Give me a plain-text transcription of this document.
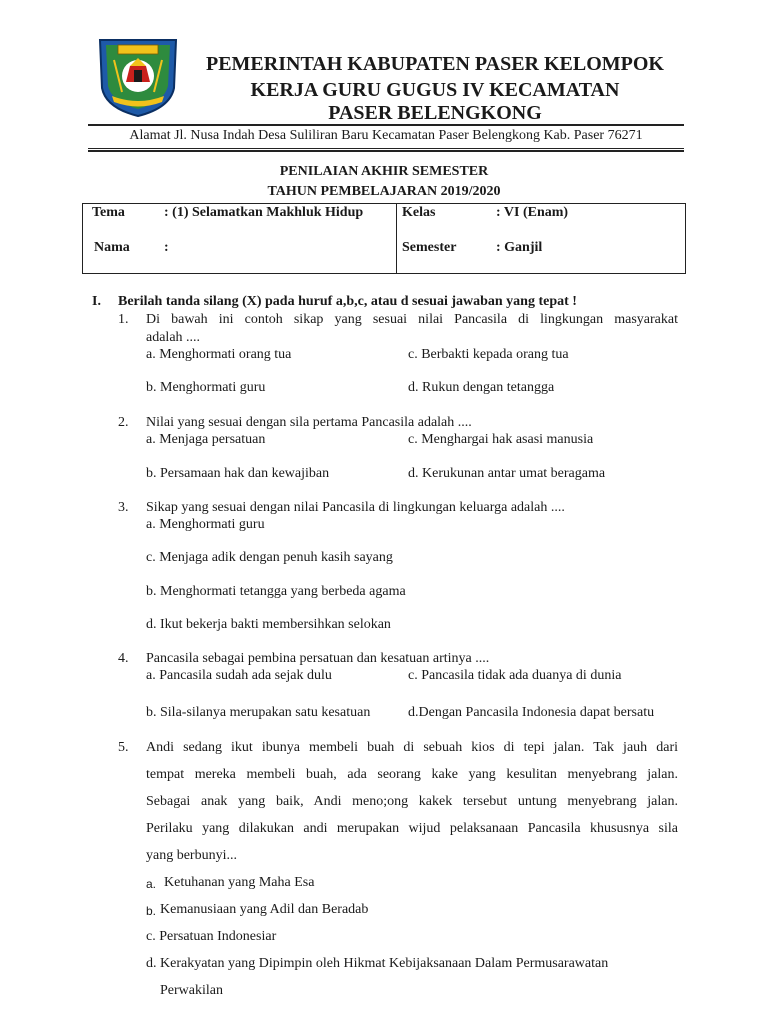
PEMERINTAH KABUPATEN PASER KELOMPOK
KERJA GURU GUGUS IV KECAMATAN
PASER BELENGKONG
Alamat Jl. Nusa Indah Desa Suliliran Baru Kecamatan Paser Belengkong Kab. Paser 76271
PENILAIAN AKHIR SEMESTER
TAHUN PEMBELAJARAN 2019/2020
Tema	: (1) Selamatkan Makhluk Hidup
Nama :
Kelas	: VI (Enam)
Semester	: Ganjil
I. Berilah tanda silang (X) pada huruf a,b,c, atau d sesuai jawaban yang tepat !
1. Di bawah ini contoh sikap yang sesuai nilai Pancasila di lingkungan masyarakat
adalah ....
a. Menghormati orang tua	c. Berbakti kepada orang tua
b. Menghormati guru	d. Rukun dengan tetangga
2. Nilai yang sesuai dengan sila pertama Pancasila adalah ....
a. Menjaga persatuan	c. Menghargai hak asasi manusia
b. Persamaan hak dan kewajiban	d. Kerukunan antar umat beragama
3. Sikap yang sesuai dengan nilai Pancasila di lingkungan keluarga adalah ....
a. Menghormati guru
c. Menjaga adik dengan penuh kasih sayang
b. Menghormati tetangga yang berbeda agama
d. Ikut bekerja bakti membersihkan selokan
4. Pancasila sebagai pembina persatuan dan kesatuan artinya ....
a. Pancasila sudah ada sejak dulu	c. Pancasila tidak ada duanya di dunia
b. Sila-silanya merupakan satu kesatuan	d.Dengan Pancasila Indonesia dapat bersatu
5. Andi sedang ikut ibunya membeli buah di sebuah kios di tepi jalan. Tak jauh dari
tempat mereka membeli buah, ada seorang kake yang kesulitan menyebrang jalan.
Sebagai anak yang baik, Andi meno;ong kakek tersebut untung menyebrang jalan.
Perilaku yang dilakukan andi merupakan wijud pelaksanaan Pancasila khususnya sila
yang berbunyi...
a. Ketuhanan yang Maha Esa
b. Kemanusiaan yang Adil dan Beradab
c. Persatuan Indonesiar
d. Kerakyatan yang Dipimpin oleh Hikmat Kebijaksanaan Dalam Permusarawatan
Perwakilan
